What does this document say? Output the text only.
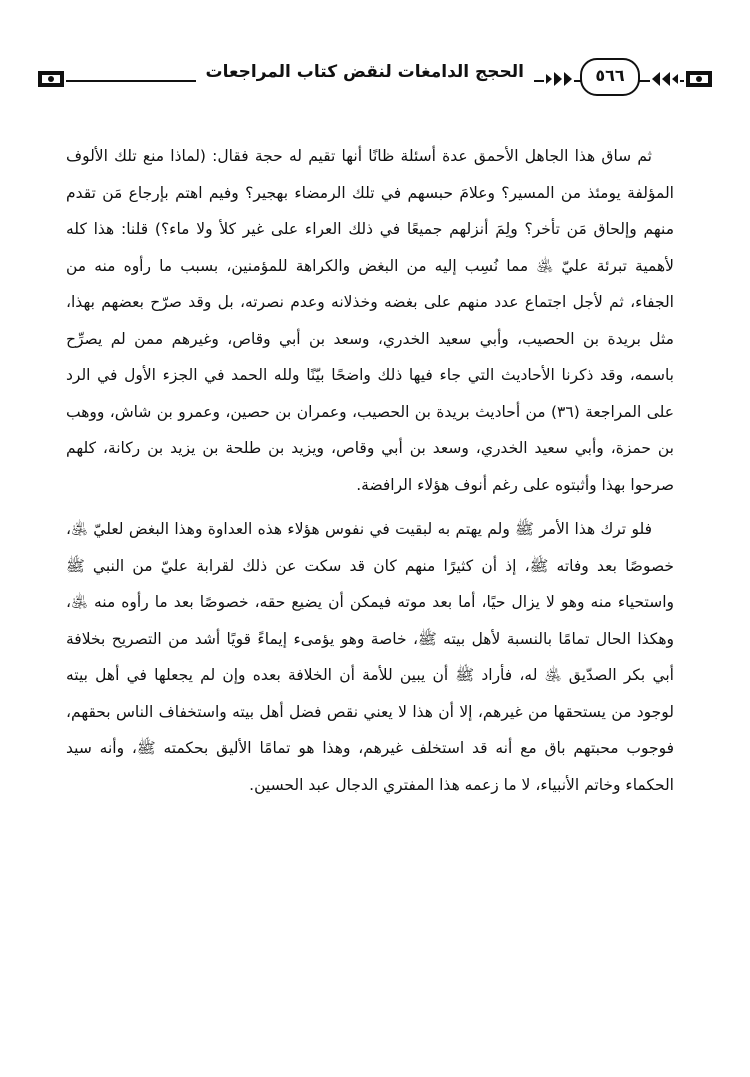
٥٦٦
الحجج الدامغات لنقض كتاب المراجعات

ثم ساق هذا الجاهل الأحمق عدة أسئلة ظانًا أنها تقيم له حجة فقال: (لماذا منع تلك الألوف المؤلفة يومئذ من المسير؟ وعلامَ حبسهم في تلك الرمضاء بهجير؟ وفيم اهتم بإرجاع مَن تقدم منهم وإلحاق مَن تأخر؟ ولِمَ أنزلهم جميعًا في ذلك العراء على غير كلأ ولا ماء؟) قلنا: هذا كله لأهمية تبرئة عليّ ﵁ مما نُسِب إليه من البغض والكراهة للمؤمنين، بسبب ما رأوه منه من الجفاء، ثم لأجل اجتماع عدد منهم على بغضه وخذلانه وعدم نصرته، بل وقد صرّح بعضهم بهذا، مثل بريدة بن الحصيب، وأبي سعيد الخدري، وسعد بن أبي وقاص، وغيرهم ممن لم يصرِّح باسمه، وقد ذكرنا الأحاديث التي جاء فيها ذلك واضحًا بيّنًا ولله الحمد في الجزء الأول في الرد على المراجعة (٣٦) من أحاديث بريدة بن الحصيب، وعمران بن حصين، وعمرو بن شاش، ووهب بن حمزة، وأبي سعيد الخدري، وسعد بن أبي وقاص، ويزيد بن طلحة بن يزيد بن ركانة، كلهم صرحوا بهذا وأثبتوه على رغم أنوف هؤلاء الرافضة.

فلو ترك هذا الأمر ﷺ ولم يهتم به لبقيت في نفوس هؤلاء هذه العداوة وهذا البغض لعليّ ﵁، خصوصًا بعد وفاته ﷺ، إذ أن كثيرًا منهم كان قد سكت عن ذلك لقرابة عليّ من النبي ﷺ واستحياء منه وهو لا يزال حيًا، أما بعد موته فيمكن أن يضيع حقه، خصوصًا بعد ما رأوه منه ﵁، وهكذا الحال تمامًا بالنسبة لأهل بيته ﷺ، خاصة وهو يؤمىء إيماءً قويًا أشد من التصريح بخلافة أبي بكر الصدّيق ﵁ له، فأراد ﷺ أن يبين للأمة أن الخلافة بعده وإن لم يجعلها في أهل بيته لوجود من يستحقها من غيرهم، إلا أن هذا لا يعني نقص فضل أهل بيته واستخفاف الناس بحقهم، فوجوب محبتهم باق مع أنه قد استخلف غيرهم، وهذا هو تمامًا الأليق بحكمته ﷺ، وأنه سيد الحكماء وخاتم الأنبياء، لا ما زعمه هذا المفتري الدجال عبد الحسين.
